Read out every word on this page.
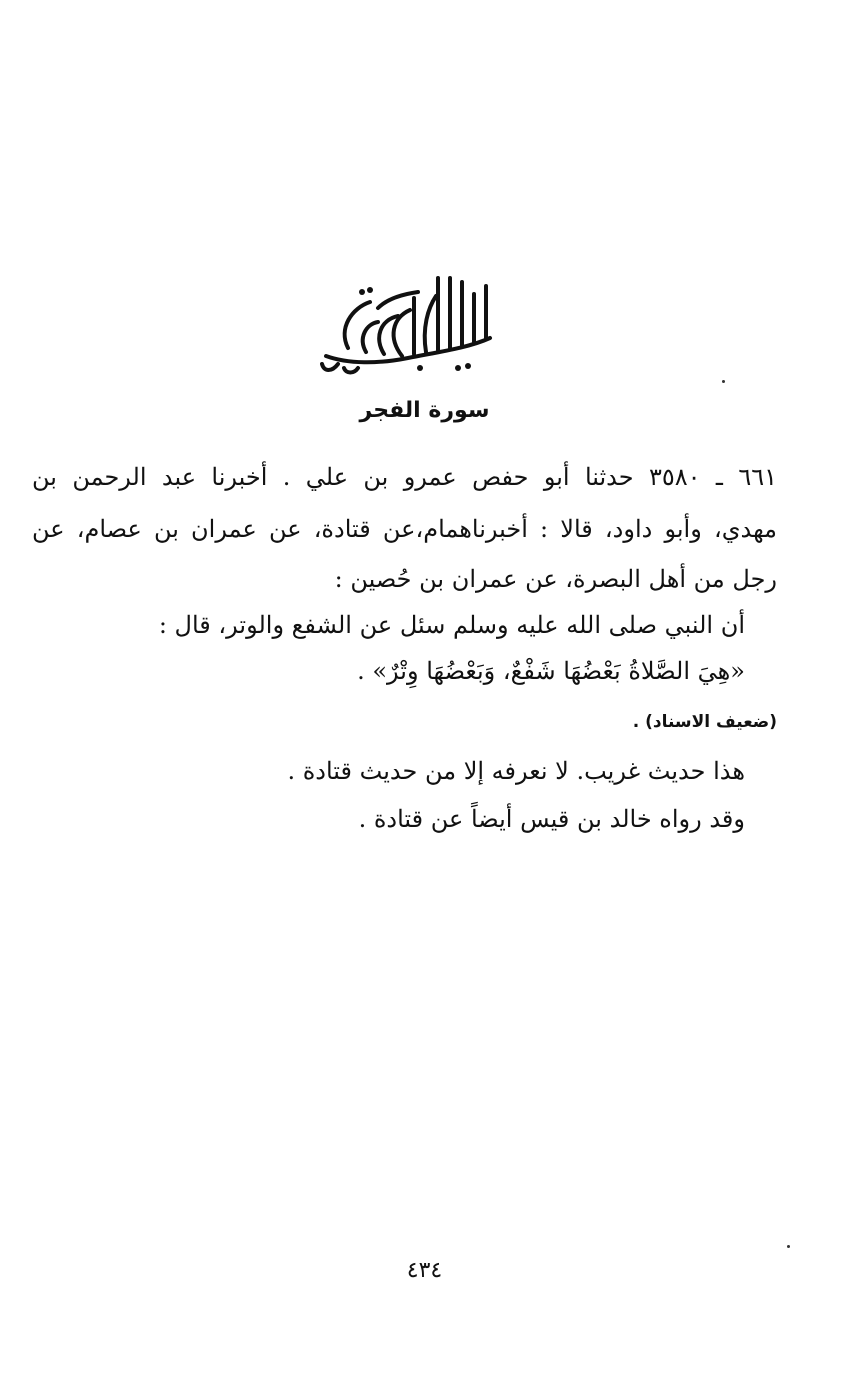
سورة الفجر
٦٦١ ـ ٣٥٨٠ حدثنا أبو حفص عمرو بن علي . أخبرنا عبد الرحمن بن
مهدي، وأبو داود، قالا : أخبرناهمام،عن قتادة، عن عمران بن عصام، عن
رجل من أهل البصرة، عن عمران بن حُصين :
أن النبي صلى الله عليه وسلم سئل عن الشفع والوتر، قال :
«هِيَ الصَّلاةُ بَعْضُهَا شَفْعٌ، وَبَعْضُهَا وِتْرٌ» .
(ضعيف الاسناد) .
هذا حديث غريب. لا نعرفه إلا من حديث قتادة .
وقد رواه خالد بن قيس أيضاً عن قتادة .
٤٣٤
